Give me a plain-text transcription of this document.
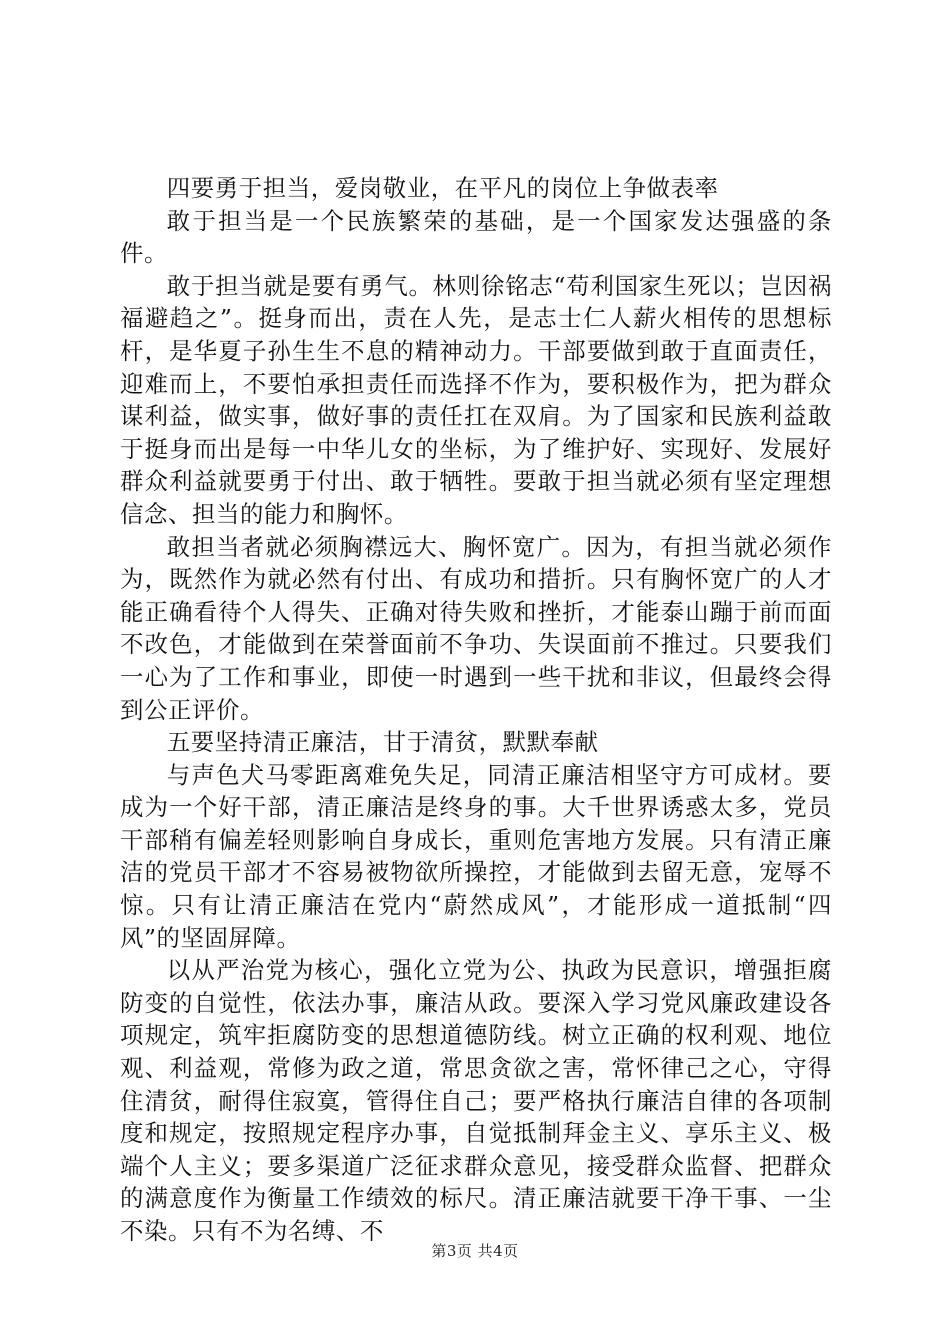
四要勇于担当，爱岗敬业，在平凡的岗位上争做表率

敢于担当是一个民族繁荣的基础，是一个国家发达强盛的条件。

敢于担当就是要有勇气。林则徐铭志“苟利国家生死以；岂因祸福避趋之”。挺身而出，责在人先，是志士仁人薪火相传的思想标杆，是华夏子孙生生不息的精神动力。干部要做到敢于直面责任，迎难而上，不要怕承担责任而选择不作为，要积极作为，把为群众谋利益，做实事，做好事的责任扛在双肩。为了国家和民族利益敢于挺身而出是每一中华儿女的坐标，为了维护好、实现好、发展好群众利益就要勇于付出、敢于牺牲。要敢于担当就必须有坚定理想信念、担当的能力和胸怀。

敢担当者就必须胸襟远大、胸怀宽广。因为，有担当就必须作为，既然作为就必然有付出、有成功和措折。只有胸怀宽广的人才能正确看待个人得失、正确对待失败和挫折，才能泰山蹦于前而面不改色，才能做到在荣誉面前不争功、失误面前不推过。只要我们一心为了工作和事业，即使一时遇到一些干扰和非议，但最终会得到公正评价。

五要坚持清正廉洁，甘于清贫，默默奉献

与声色犬马零距离难免失足，同清正廉洁相坚守方可成材。要成为一个好干部，清正廉洁是终身的事。大千世界诱惑太多，党员干部稍有偏差轻则影响自身成长，重则危害地方发展。只有清正廉洁的党员干部才不容易被物欲所操控，才能做到去留无意，宠辱不惊。只有让清正廉洁在党内“蔚然成风”，才能形成一道抵制“四风”的坚固屏障。

以从严治党为核心，强化立党为公、执政为民意识，增强拒腐防变的自觉性，依法办事，廉洁从政。要深入学习党风廉政建设各项规定，筑牢拒腐防变的思想道德防线。树立正确的权利观、地位观、利益观，常修为政之道，常思贪欲之害，常怀律己之心，守得住清贫，耐得住寂寞，管得住自己；要严格执行廉洁自律的各项制度和规定，按照规定程序办事，自觉抵制拜金主义、享乐主义、极端个人主义；要多渠道广泛征求群众意见，接受群众监督、把群众的满意度作为衡量工作绩效的标尺。清正廉洁就要干净干事、一尘不染。只有不为名缚、不

第3页 共4页
